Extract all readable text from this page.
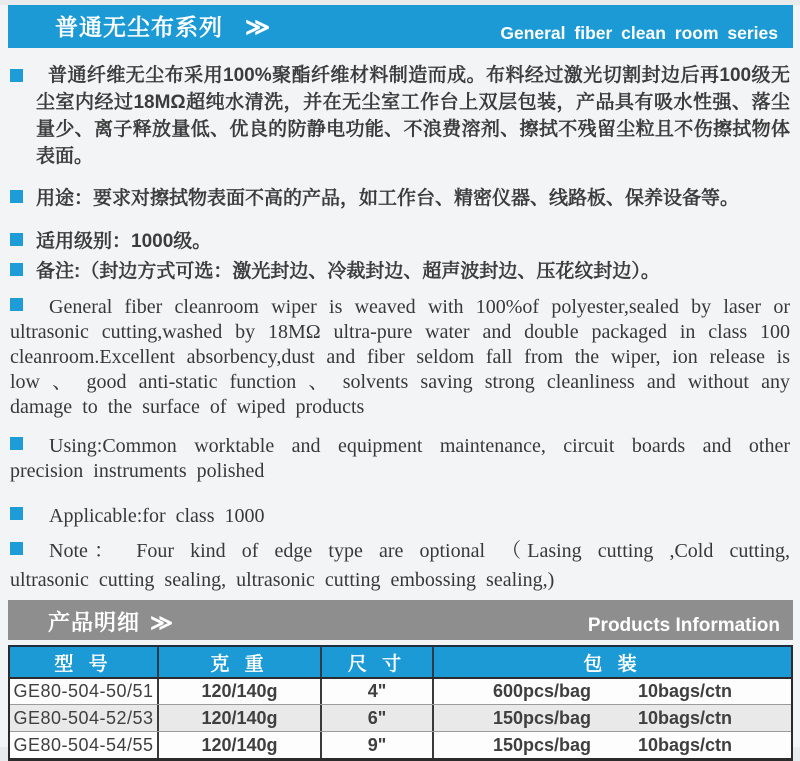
普通无尘布系列 ≫	General fiber clean room series

普通纤维无尘布采用100%聚酯纤维材料制造而成。布料经过激光切割封边后再100级无尘室内经过18MΩ超纯水清洗，并在无尘室工作台上双层包装，产品具有吸水性强、落尘量少、离子释放量低、优良的防静电功能、不浪费溶剂、擦拭不残留尘粒且不伤擦拭物体表面。

用途：要求对擦拭物表面不高的产品，如工作台、精密仪器、线路板、保养设备等。

适用级别：1000级。

备注:（封边方式可选：激光封边、冷裁封边、超声波封边、压花纹封边）。

General fiber cleanroom wiper is weaved with 100%of polyester,sealed by laser or ultrasonic cutting,washed by 18MΩ ultra-pure water and double packaged in class 100 cleanroom.Excellent absorbency,dust and fiber seldom fall from the wiper, ion release is low 、 good anti-static function 、 solvents saving strong cleanliness and without any damage to the surface of wiped products

Using:Common worktable and equipment maintenance, circuit boards and other precision instruments polished

Applicable:for class 1000

Note： Four kind of edge type are optional （Lasing cutting ,Cold cutting, ultrasonic cutting sealing, ultrasonic cutting embossing sealing,)

产品明细 ≫	Products Information
型 号	克 重	尺 寸	包 装
GE80-504-50/51	120/140g	4"	600pcs/bag	10bags/ctn
GE80-504-52/53	120/140g	6"	150pcs/bag	10bags/ctn
GE80-504-54/55	120/140g	9"	150pcs/bag	10bags/ctn
